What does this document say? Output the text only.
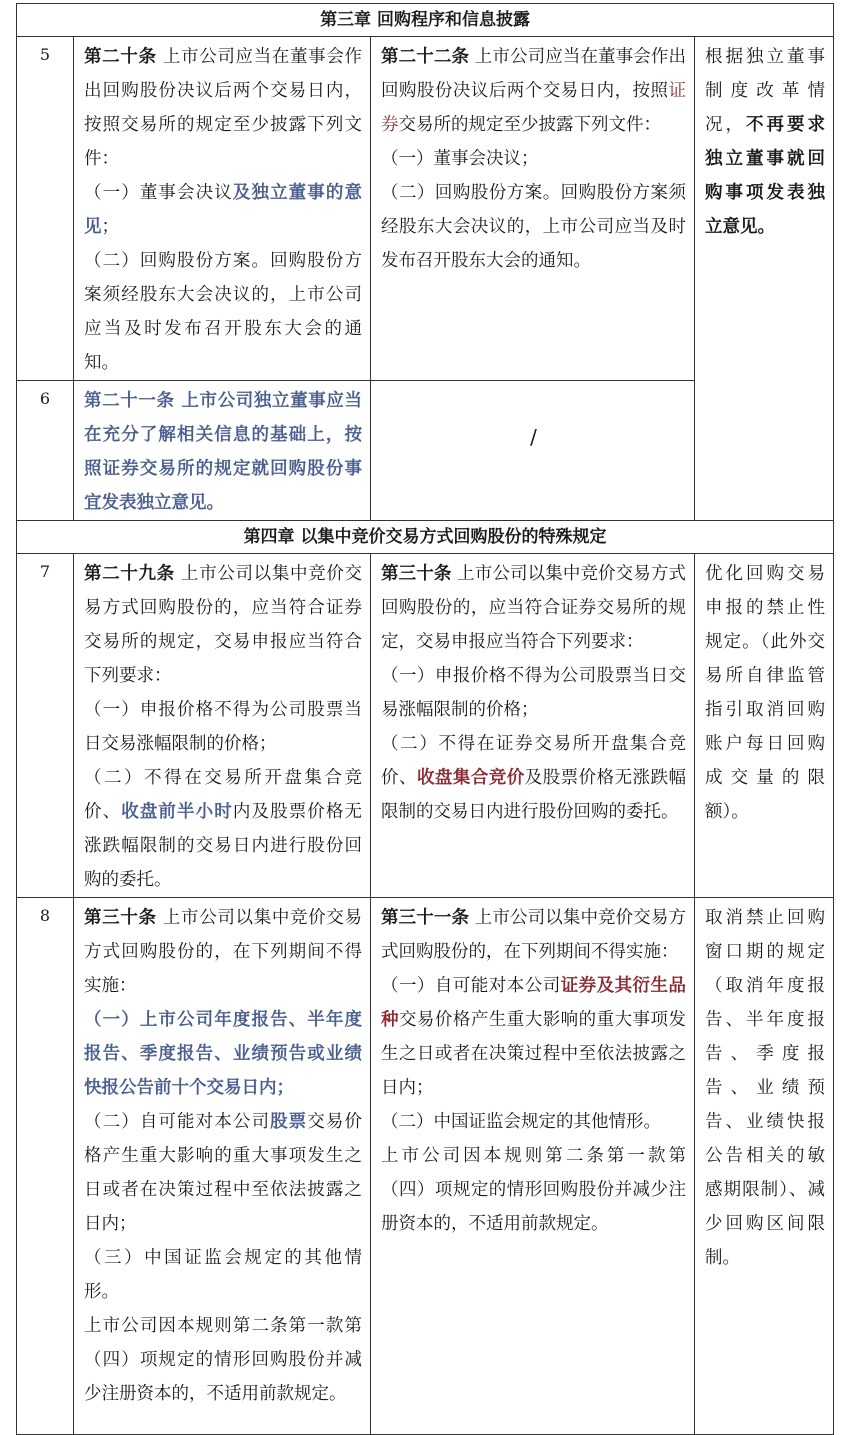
第三章 回购程序和信息披露			
5	第二十条 上市公司应当在董事会作出回购股份决议后两个交易日内，按照交易所的规定至少披露下列文件：
（一）董事会决议及独立董事的意见；
（二）回购股份方案。回购股份方案须经股东大会决议的，上市公司应当及时发布召开股东大会的通知。	第二十二条 上市公司应当在董事会作出回购股份决议后两个交易日内，按照证券交易所的规定至少披露下列文件：
（一）董事会决议；
（二）回购股份方案。回购股份方案须经股东大会决议的，上市公司应当及时发布召开股东大会的通知。	根据独立董事制度改革情况，不再要求独立董事就回购事项发表独立意见。
6	第二十一条 上市公司独立董事应当在充分了解相关信息的基础上，按照证券交易所的规定就回购股份事宜发表独立意见。	/	

第四章 以集中竞价交易方式回购股份的特殊规定			
7	第二十九条 上市公司以集中竞价交易方式回购股份的，应当符合证券交易所的规定，交易申报应当符合下列要求：
（一）申报价格不得为公司股票当日交易涨幅限制的价格；
（二）不得在交易所开盘集合竞价、收盘前半小时内及股票价格无涨跌幅限制的交易日内进行股份回购的委托。	第三十条 上市公司以集中竞价交易方式回购股份的，应当符合证券交易所的规定，交易申报应当符合下列要求：
（一）申报价格不得为公司股票当日交易涨幅限制的价格；
（二）不得在证券交易所开盘集合竞价、收盘集合竞价及股票价格无涨跌幅限制的交易日内进行股份回购的委托。	优化回购交易申报的禁止性规定。（此外交易所自律监管指引取消回购账户每日回购成交量的限额）。
8	第三十条 上市公司以集中竞价交易方式回购股份的，在下列期间不得实施：
（一）上市公司年度报告、半年度报告、季度报告、业绩预告或业绩快报公告前十个交易日内；
（二）自可能对本公司股票交易价格产生重大影响的重大事项发生之日或者在决策过程中至依法披露之日内；
（三）中国证监会规定的其他情形。
上市公司因本规则第二条第一款第（四）项规定的情形回购股份并减少注册资本的，不适用前款规定。	第三十一条 上市公司以集中竞价交易方式回购股份的，在下列期间不得实施：
（一）自可能对本公司证券及其衍生品种交易价格产生重大影响的重大事项发生之日或者在决策过程中至依法披露之日内；
（二）中国证监会规定的其他情形。
上市公司因本规则第二条第一款第（四）项规定的情形回购股份并减少注册资本的，不适用前款规定。	取消禁止回购窗口期的规定（取消年度报告、半年度报告、季度报告、业绩预告、业绩快报公告相关的敏感期限制）、减少回购区间限制。
